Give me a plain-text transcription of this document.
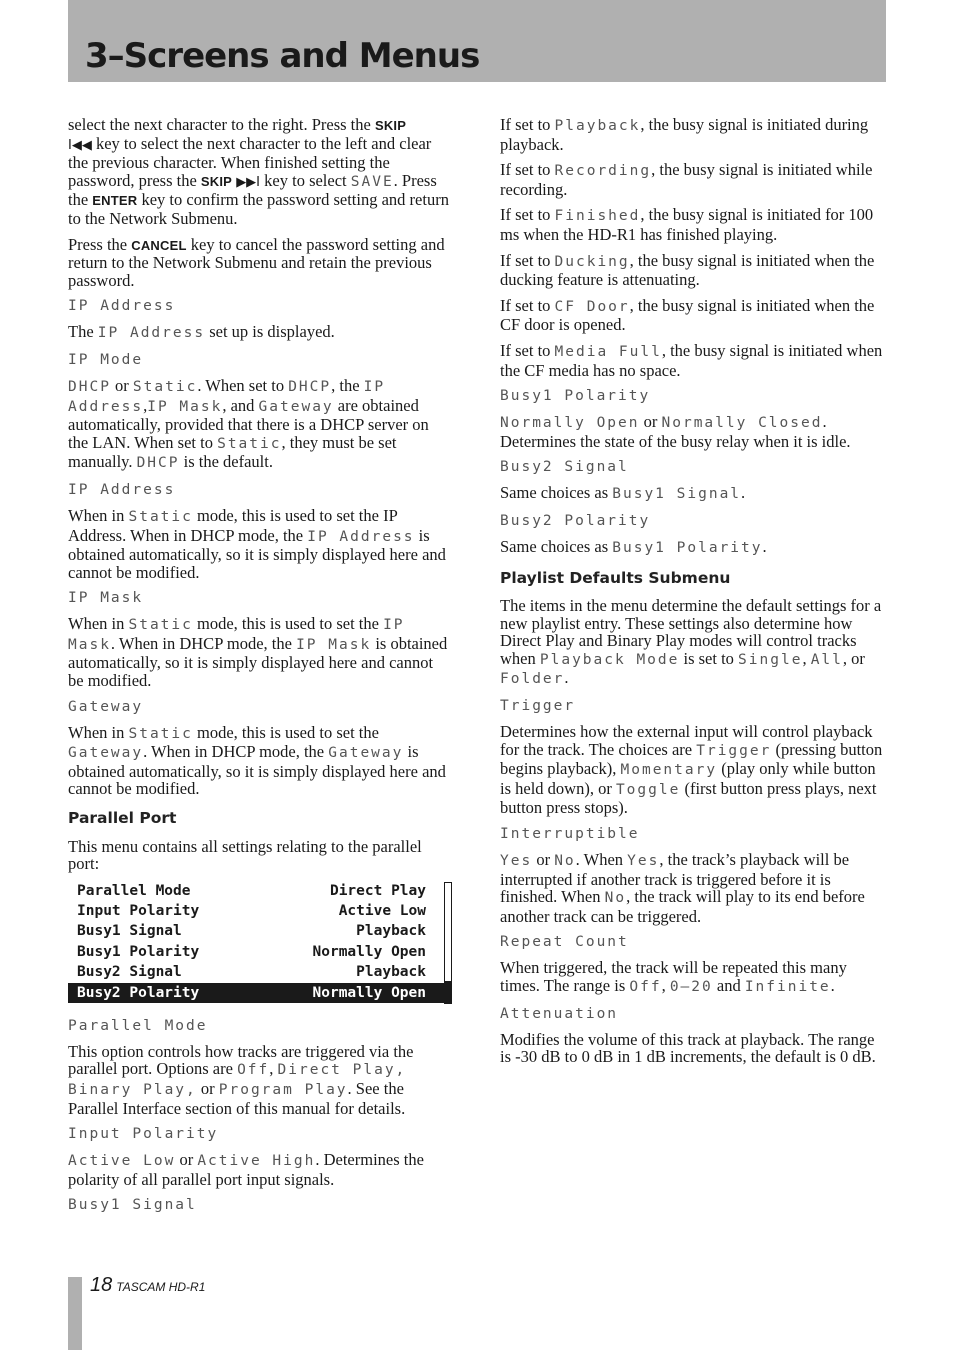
3–Screens and Menus

select the next character to the right. Press the SKIP
I◀◀ key to select the next character to the left and clear the previous character. When finished setting the password, press the SKIP ▶▶I key to select SAVE. Press the ENTER key to confirm the password setting and return to the Network Submenu.

Press the CANCEL key to cancel the password setting and return to the Network Submenu and retain the previous password.

IP Address

The IP Address set up is displayed.

IP Mode

DHCP or Static. When set to DHCP, the IP Address,IP Mask, and Gateway are obtained automatically, provided that there is a DHCP server on the LAN. When set to Static, they must be set manually. DHCP is the default.

IP Address

When in Static mode, this is used to set the IP Address. When in DHCP mode, the IP Address is obtained automatically, so it is simply displayed here and cannot be modified.

IP Mask

When in Static mode, this is used to set the IP Mask. When in DHCP mode, the IP Mask is obtained automatically, so it is simply displayed here and cannot be modified.

Gateway

When in Static mode, this is used to set the Gateway. When in DHCP mode, the Gateway is obtained automatically, so it is simply displayed here and cannot be modified.

Parallel Port

This menu contains all settings relating to the parallel port:

Parallel Mode	Direct Play
Input Polarity	Active Low
Busy1 Signal	Playback
Busy1 Polarity	Normally Open
Busy2 Signal	Playback
Busy2 Polarity	Normally Open
Parallel Mode

This option controls how tracks are triggered via the parallel port. Options are Off, Direct Play, Binary Play, or Program Play. See the Parallel Interface section of this manual for details.

Input Polarity

Active Low or Active High. Determines the polarity of all parallel port input signals.

Busy1 Signal

If set to Playback, the busy signal is initiated during playback.

If set to Recording, the busy signal is initiated while recording.

If set to Finished, the busy signal is initiated for 100 ms when the HD-R1 has finished playing.

If set to Ducking, the busy signal is initiated when the ducking feature is attenuating.

If set to CF Door, the busy signal is initiated when the CF door is opened.

If set to Media Full, the busy signal is initiated when the CF media has no space.

Busy1 Polarity

Normally Open or Normally Closed. Determines the state of the busy relay when it is idle.

Busy2 Signal

Same choices as Busy1 Signal.

Busy2 Polarity

Same choices as Busy1 Polarity.

Playlist Defaults Submenu

The items in the menu determine the default settings for a new playlist entry. These settings also determine how Direct Play and Binary Play modes will control tracks when Playback Mode is set to Single, All, or Folder.

Trigger

Determines how the external input will control playback for the track. The choices are Trigger (pressing button begins playback), Momentary (play only while button is held down), or Toggle (first button press plays, next button press stops).

Interruptible

Yes or No. When Yes, the track’s playback will be interrupted if another track is triggered before it is finished. When No, the track will play to its end before another track can be triggered.

Repeat Count

When triggered, the track will be repeated this many times. The range is Off, 0–20 and Infinite.

Attenuation

Modifies the volume of this track at playback. The range is -30 dB to 0 dB in 1 dB increments, the default is 0 dB.

18 TASCAM HD-R1
